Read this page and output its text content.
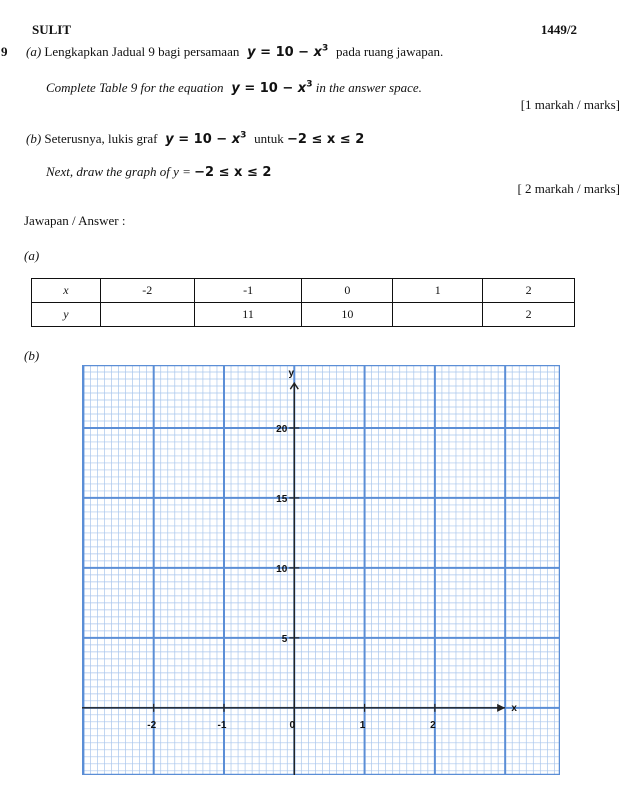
SULIT	1449/2
9 (a) Lengkapkan Jadual 9 bagi persamaan $y = 10 - x^3$ pada ruang jawapan.
Complete Table 9 for the equation $y = 10 - x^3$ in the answer space.
[1 markah / marks]
(b) Seterusnya, lukis graf $y = 10 - x^3$ untuk −2 ≤ x ≤ 2
Next, draw the graph of y = −2 ≤ x ≤ 2
[ 2 markah / marks]
Jawapan / Answer :
(a)
x	-2	-1	0	1	2
y		11	10		2
(b)
y
x
-2	-1	0	1	2
5
10
15
20
